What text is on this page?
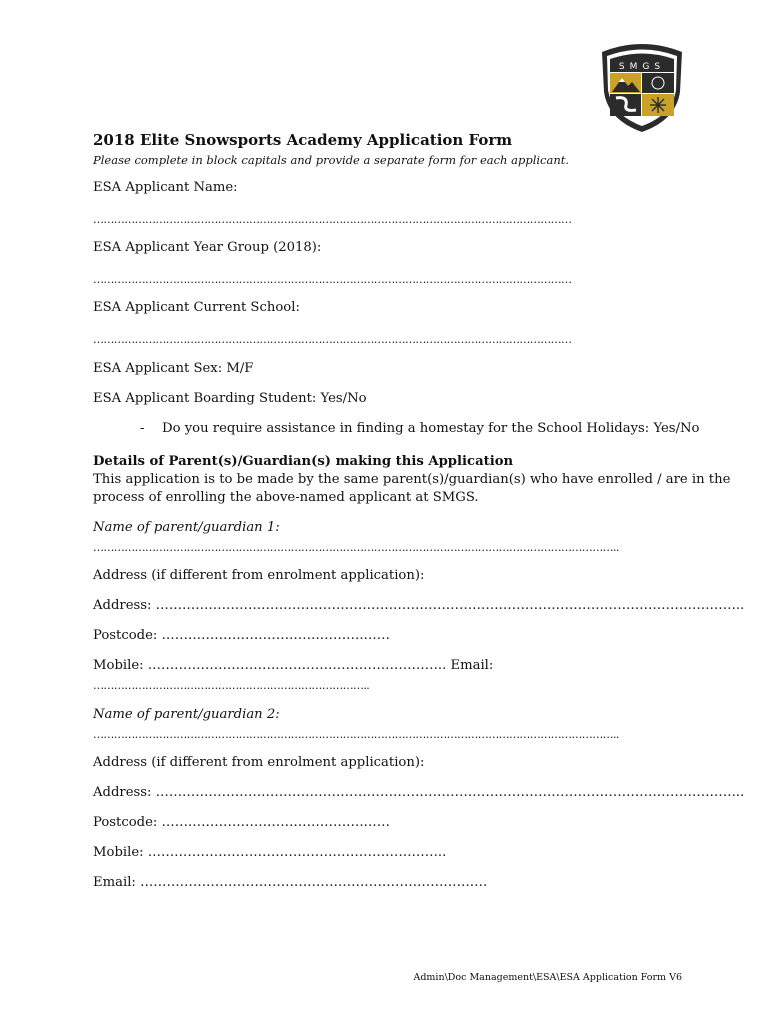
SMGS
2018 Elite Snowsports Academy Application Form
Please complete in block capitals and provide a separate form for each applicant.
ESA Applicant Name:
…………………………………………………………………………………………………………………………
ESA Applicant Year Group (2018):
…………………………………………………………………………………………………………………………
ESA Applicant Current School:
…………………………………………………………………………………………………………………………
ESA Applicant Sex: M/F
ESA Applicant Boarding Student: Yes/No
- Do you require assistance in finding a homestay for the School Holidays: Yes/No
Details of Parent(s)/Guardian(s) making this Application
This application is to be made by the same parent(s)/guardian(s) who have enrolled / are in the
process of enrolling the above-named applicant at SMGS.
Name of parent/guardian 1:
……………………………………………………………………………………………………………………………………..
Address (if different from enrolment application):
Address: ……………………………………………………………………………………………………………………..
Postcode: ……………………………………….……
Mobile: ………………………………………………………….. Email:
……………………………………………………………………..
Name of parent/guardian 2:
……………………………………………………………………………………………………………………………………..
Address (if different from enrolment application):
Address: ……………………………………………………………………………………………………………………..
Postcode: ……………………………………….……
Mobile: …………………………………………………………..
Email: …………………………………………………………………….
Admin\Doc Management\ESA\ESA Application Form V6
